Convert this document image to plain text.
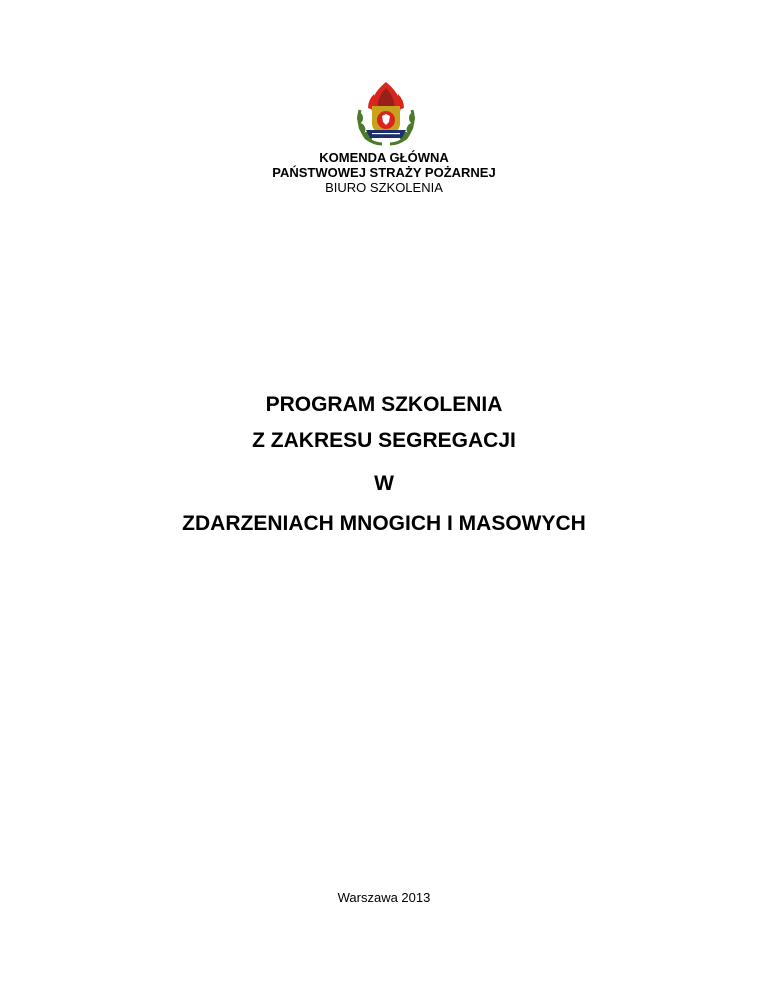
KOMENDA GŁÓWNA
PAŃSTWOWEJ STRAŻY POŻARNEJ
BIURO SZKOLENIA
PROGRAM SZKOLENIA
Z ZAKRESU SEGREGACJI
W
ZDARZENIACH MNOGICH I MASOWYCH
Warszawa 2013
